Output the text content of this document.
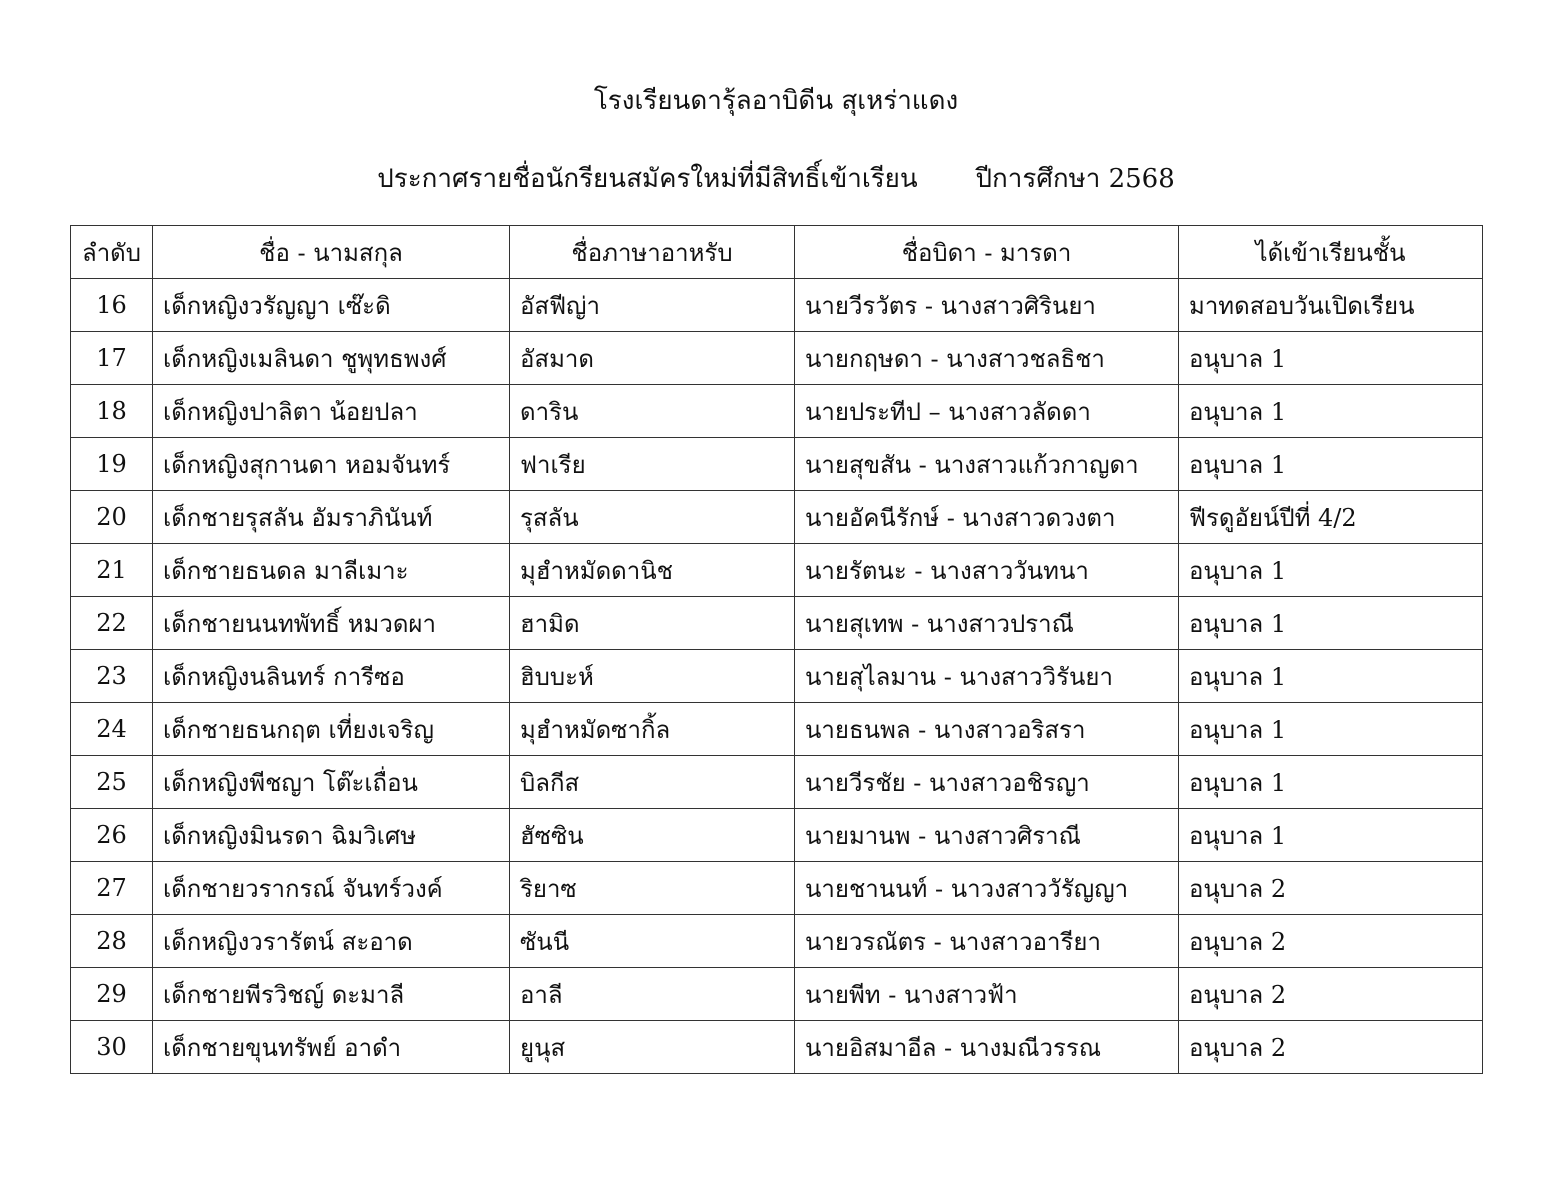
โรงเรียนดารุ้ลอาบิดีน สุเหร่าแดง
ประกาศรายชื่อนักรียนสมัครใหม่ที่มีสิทธิ์เข้าเรียน       ปีการศึกษา 2568
ลำดับ	ชื่อ - นามสกุล	ชื่อภาษาอาหรับ	ชื่อบิดา - มารดา	ได้เข้าเรียนชั้น
16	เด็กหญิงวรัญญา เซ๊ะดิ	อัสฟีญ่า	นายวีรวัตร - นางสาวศิรินยา	มาทดสอบวันเปิดเรียน
17	เด็กหญิงเมลินดา ชูพุทธพงศ์	อัสมาด	นายกฤษดา - นางสาวชลธิชา	อนุบาล 1
18	เด็กหญิงปาลิตา น้อยปลา	ดาริน	นายประทีป – นางสาวลัดดา	อนุบาล 1
19	เด็กหญิงสุกานดา หอมจันทร์	ฟาเรีย	นายสุขสัน - นางสาวแก้วกาญดา	อนุบาล 1
20	เด็กชายรุสลัน อัมราภินันท์	รุสลัน	นายอัคนีรักษ์ - นางสาวดวงตา	ฟีรดูอัยน์ปีที่ 4/2
21	เด็กชายธนดล มาลีเมาะ	มุฮำหมัดดานิช	นายรัตนะ - นางสาววันทนา	อนุบาล 1
22	เด็กชายนนทพัทธิ์ หมวดผา	ฮามิด	นายสุเทพ - นางสาวปราณี	อนุบาล 1
23	เด็กหญิงนลินทร์ การีซอ	ฮิบบะห์	นายสุไลมาน - นางสาววิรันยา	อนุบาล 1
24	เด็กชายธนกฤต เที่ยงเจริญ	มุฮำหมัดซากิ้ล	นายธนพล - นางสาวอริสรา	อนุบาล 1
25	เด็กหญิงพีชญา โต๊ะเถื่อน	บิลกีส	นายวีรชัย - นางสาวอชิรญา	อนุบาล 1
26	เด็กหญิงมินรดา ฉิมวิเศษ	ฮัซซิน	นายมานพ - นางสาวศิราณี	อนุบาล 1
27	เด็กชายวรากรณ์ จันทร์วงค์	ริยาซ	นายชานนท์ - นาวงสาววัรัญญา	อนุบาล 2
28	เด็กหญิงวรารัตน์ สะอาด	ซันนี	นายวรณัตร - นางสาวอารียา	อนุบาล 2
29	เด็กชายพีรวิชญ์ ดะมาลี	อาลี	นายพีท - นางสาวฟ้า	อนุบาล 2
30	เด็กชายขุนทรัพย์ อาดำ	ยูนุส	นายอิสมาอีล - นางมณีวรรณ	อนุบาล 2
